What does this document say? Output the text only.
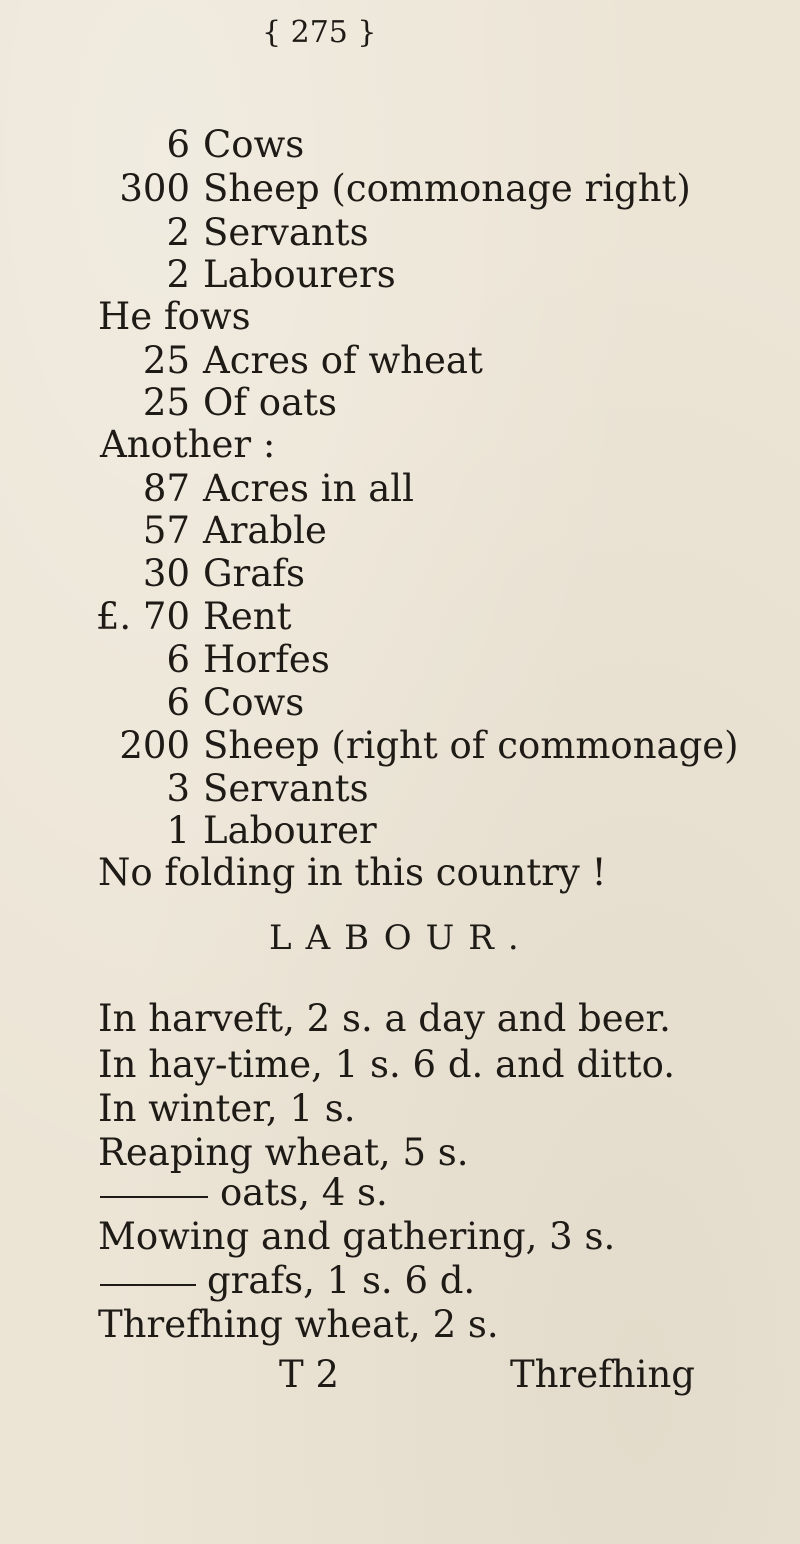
{ 275 }
6 Cows
300 Sheep (commonage right)
2 Servants
2 Labourers
He fows
25 Acres of wheat
25 Of oats
Another :
87 Acres in all
57 Arable
30 Grafs
£. 70 Rent
6 Horfes
6 Cows
200 Sheep (right of commonage)
3 Servants
1 Labourer
No folding in this country !
LABOUR.
In harveft, 2 s. a day and beer.
In hay-time, 1 s. 6 d. and ditto.
In winter, 1 s.
Reaping wheat, 5 s.
oats, 4 s.
Mowing and gathering, 3 s.
grafs, 1 s. 6 d.
Threfhing wheat, 2 s.
T 2	Threfhing
